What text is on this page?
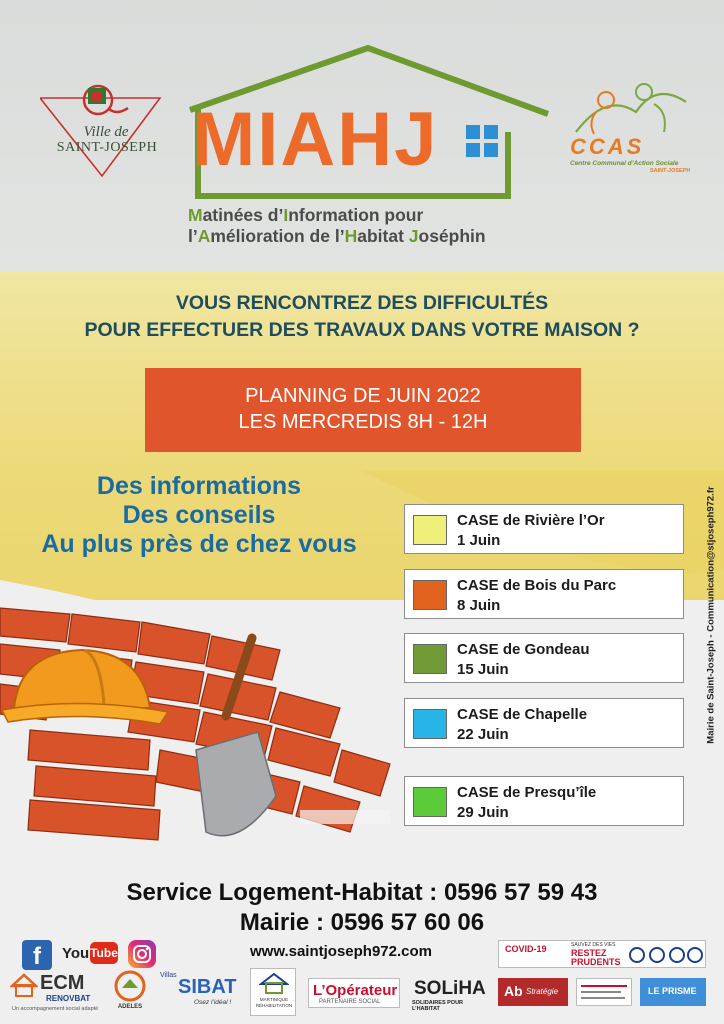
Ville de
SAINT-JOSEPH MIAHJ
Matinées d’Information pour
l’Amélioration de l’Habitat Joséphin
CCAS
Centre Communal d’Action Sociale
SAINT-JOSEPH
VOUS RENCONTREZ DES DIFFICULTÉS
POUR EFFECTUER DES TRAVAUX DANS VOTRE MAISON ?
PLANNING DE JUIN 2022
LES MERCREDIS 8H - 12H
Des informations
Des conseils
Au plus près de chez vous
CASE de Rivière l’Or
1 Juin
CASE de Bois du Parc
8 Juin
CASE de Gondeau
15 Juin
CASE de Chapelle
22 Juin
CASE de Presqu’île
29 Juin
Mairie de Saint-Joseph - Communication@stjoseph972.fr
Service Logement-Habitat : 0596 57 59 43
Mairie : 0596 57 60 06
www.saintjoseph972.com
f	You Tube	COVID-19	SAUVEZ DES VIES
RESTEZ
PRUDENTS
ECM
RENOVBAT
Un accompagnement social adapté	ADELES
Villas
SIBAT
Osez l’idéal !	MARTINIQUE RÉHABILITATION
L’Opérateur
PARTENAIRE SOCIAL
SOLiHA
SOLIDAIRES POUR L’HABITAT
Ab Stratégie	LE PRISME
